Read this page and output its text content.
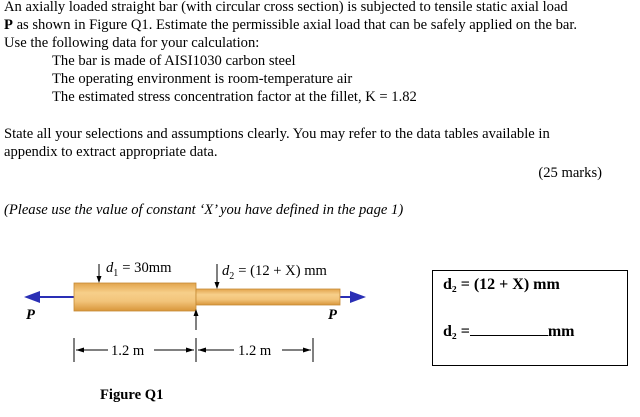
An axially loaded straight bar (with circular cross section) is subjected to tensile static axial load
P as shown in Figure Q1. Estimate the permissible axial load that can be safely applied on the bar.
Use the following data for your calculation:
The bar is made of AISI1030 carbon steel
The operating environment is room-temperature air
The estimated stress concentration factor at the fillet, K = 1.82
State all your selections and assumptions clearly. You may refer to the data tables available in
appendix to extract appropriate data.
(25 marks)
(Please use the value of constant ‘X’ you have defined in the page 1)
$d_1 = 30mm$	$d_2 = (12 + X)$ mm
P	P
1.2 m	1.2 m
d₂ = (12 + X) mm
d₂ =	mm
Figure Q1
